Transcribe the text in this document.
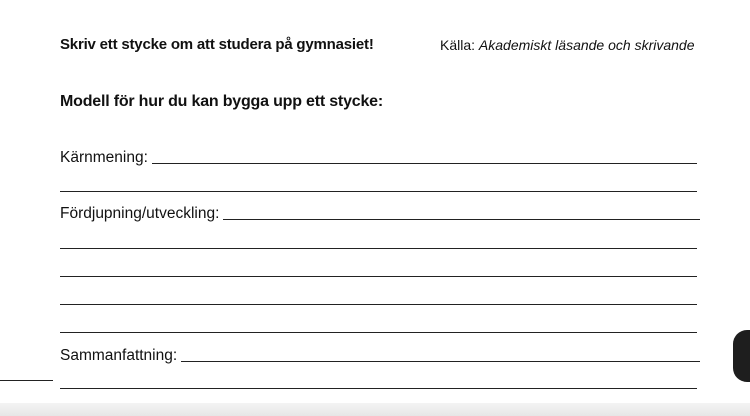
Skriv ett stycke om att studera på gymnasiet!	Källa: Akademiskt läsande och skrivande
Modell för hur du kan bygga upp ett stycke:
Kärnmening:
Fördjupning/utveckling:
Sammanfattning:
